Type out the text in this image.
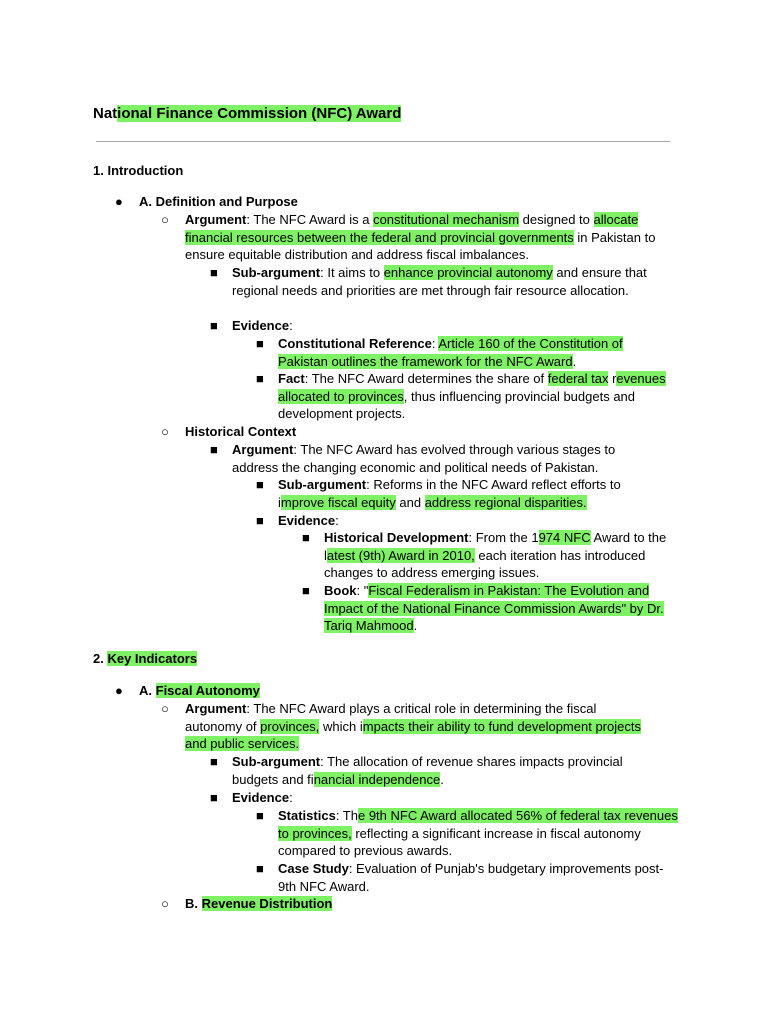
National Finance Commission (NFC) Award
1. Introduction
● A. Definition and Purpose
○ Argument: The NFC Award is a constitutional mechanism designed to allocate financial resources between the federal and provincial governments in Pakistan to ensure equitable distribution and address fiscal imbalances.
■ Sub-argument: It aims to enhance provincial autonomy and ensure that regional needs and priorities are met through fair resource allocation.
■ Evidence:
■ Constitutional Reference: Article 160 of the Constitution of Pakistan outlines the framework for the NFC Award.
■ Fact: The NFC Award determines the share of federal tax revenues allocated to provinces, thus influencing provincial budgets and development projects.
○ Historical Context
■ Argument: The NFC Award has evolved through various stages to address the changing economic and political needs of Pakistan.
■ Sub-argument: Reforms in the NFC Award reflect efforts to improve fiscal equity and address regional disparities.
■ Evidence:
■ Historical Development: From the 1974 NFC Award to the latest (9th) Award in 2010, each iteration has introduced changes to address emerging issues.
■ Book: "Fiscal Federalism in Pakistan: The Evolution and Impact of the National Finance Commission Awards" by Dr. Tariq Mahmood.
2. Key Indicators
● A. Fiscal Autonomy
○ Argument: The NFC Award plays a critical role in determining the fiscal autonomy of provinces, which impacts their ability to fund development projects and public services.
■ Sub-argument: The allocation of revenue shares impacts provincial budgets and financial independence.
■ Evidence:
■ Statistics: The 9th NFC Award allocated 56% of federal tax revenues to provinces, reflecting a significant increase in fiscal autonomy compared to previous awards.
■ Case Study: Evaluation of Punjab's budgetary improvements post-9th NFC Award.
○ B. Revenue Distribution
